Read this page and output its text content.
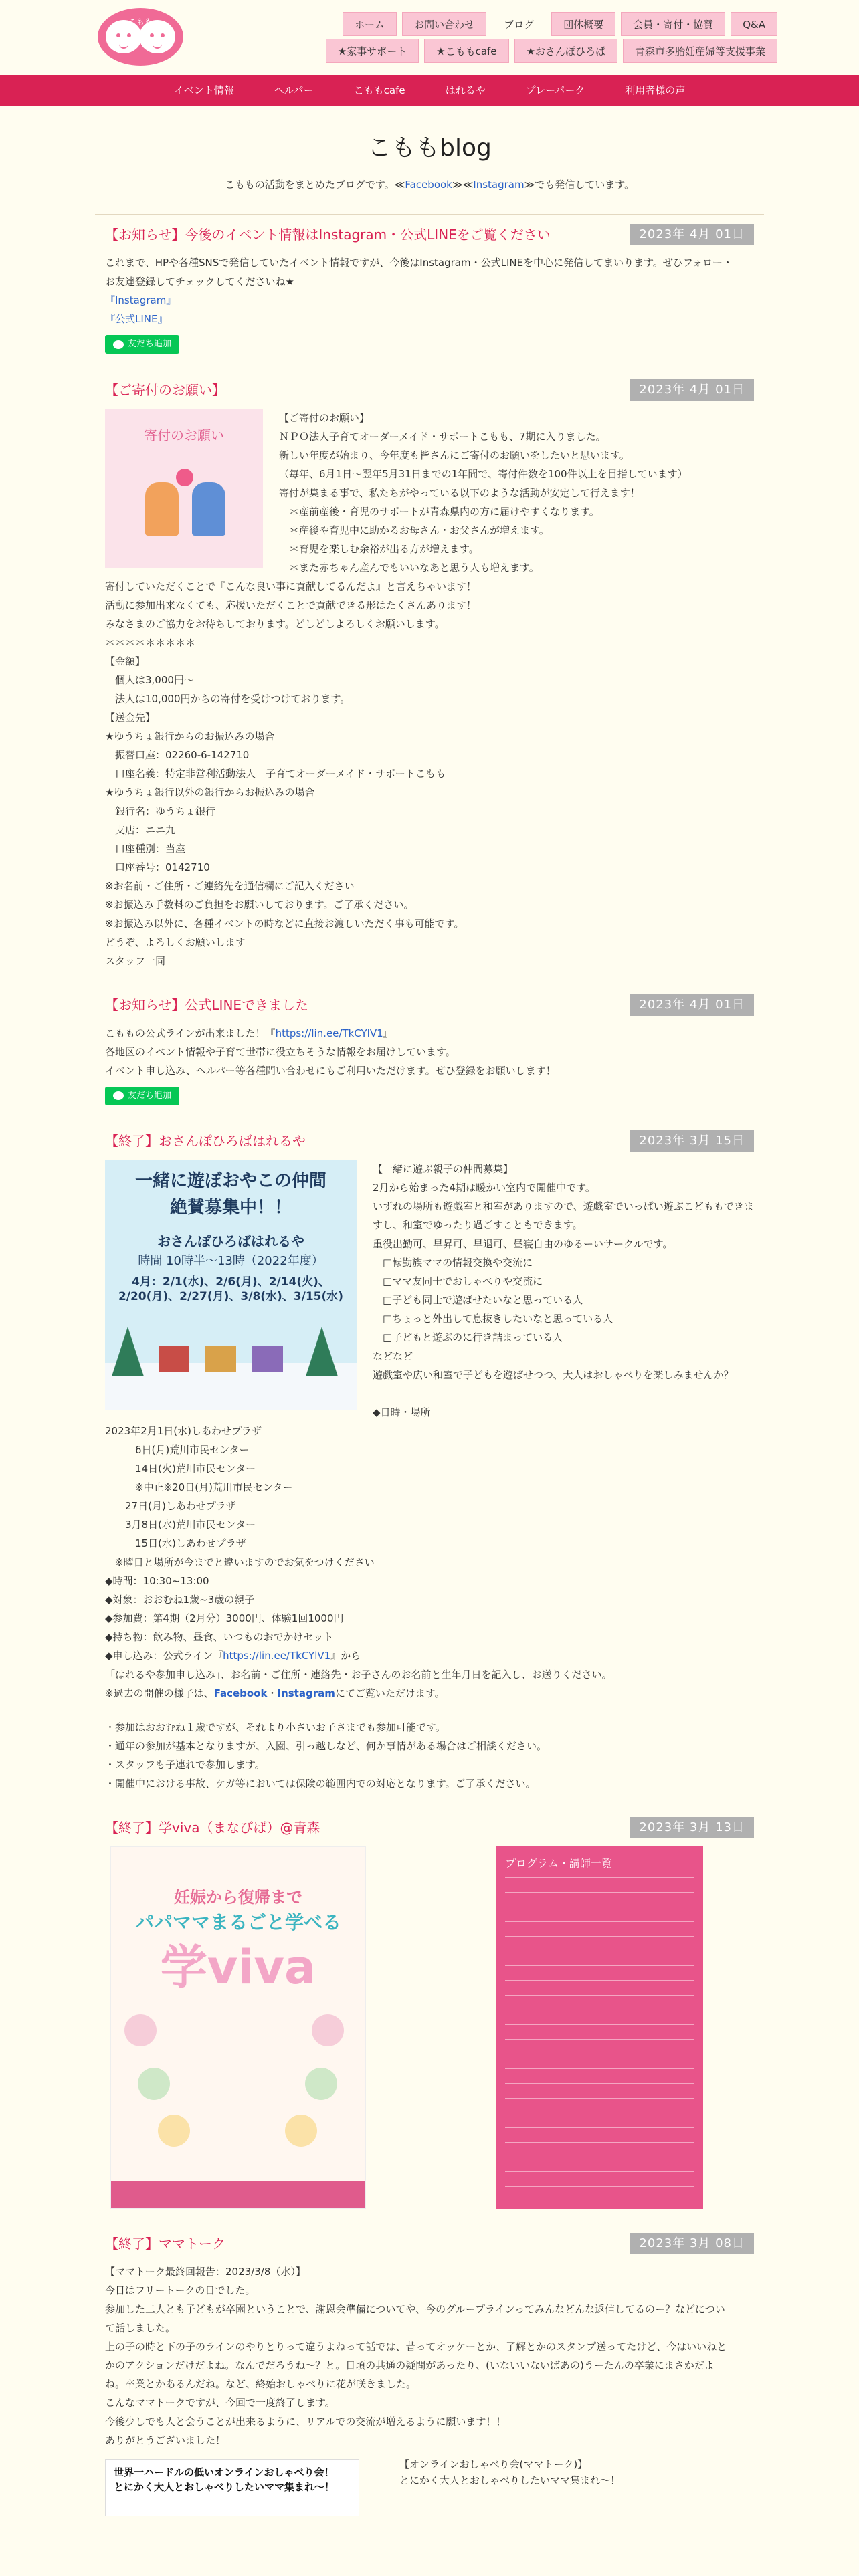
こもも	ホーム	お問い合わせ	ブログ	団体概要	会員・寄付・協賛	Q&A
★家事サポート	★こももcafe	★おさんぽひろば	青森市多胎妊産婦等支援事業
イベント情報	ヘルパー	こももcafe	はれるや	プレーパーク	利用者様の声
こももblog

こももの活動をまとめたブログです。≪Facebook≫≪Instagram≫でも発信しています。

【お知らせ】今後のイベント情報はInstagram・公式LINEをご覧ください	2023年 4月 01日
これまで、HPや各種SNSで発信していたイベント情報ですが、今後はInstagram・公式LINEを中心に発信してまいります。ぜひフォロー・
お友達登録してチェックしてくださいね★
『Instagram』
『公式LINE』
友だち追加
【ご寄付のお願い】	2023年 4月 01日
寄付のお願い
【ご寄付のお願い】
ＮＰＯ法人子育てオーダーメイド・サポートこもも、7期に入りました。
新しい年度が始まり、今年度も皆さんにご寄付のお願いをしたいと思います。
（毎年、6月1日～翌年5月31日までの1年間で、寄付件数を100件以上を目指しています）
寄付が集まる事で、私たちがやっている以下のような活動が安定して行えます！
　＊産前産後・育児のサポートが青森県内の方に届けやすくなります。
　＊産後や育児中に助かるお母さん・お父さんが増えます。
　＊育児を楽しむ余裕が出る方が増えます。
　＊また赤ちゃん産んでもいいなあと思う人も増えます。
寄付していただくことで『こんな良い事に貢献してるんだよ』と言えちゃいます！
活動に参加出来なくても、応援いただくことで貢献できる形はたくさんあります！
みなさまのご協力をお待ちしております。どしどしよろしくお願いします。
＊＊＊＊＊＊＊＊＊
【金額】
　個人は3,000円～
　法人は10,000円からの寄付を受けつけております。
【送金先】
★ゆうちょ銀行からのお振込みの場合
　振替口座：02260-6-142710
　口座名義：特定非営利活動法人　子育てオーダーメイド・サポートこもも
★ゆうちょ銀行以外の銀行からお振込みの場合
　銀行名：ゆうちょ銀行
　支店：ニニ九
　口座種別：当座
　口座番号：0142710
※お名前・ご住所・ご連絡先を通信欄にご記入ください
※お振込み手数料のご負担をお願いしております。ご了承ください。
※お振込み以外に、各種イベントの時などに直接お渡しいただく事も可能です。
どうぞ、よろしくお願いします
スタッフ一同
【お知らせ】公式LINEできました	2023年 4月 01日
こももの公式ラインが出来ました！『https://lin.ee/TkCYlV1』
各地区のイベント情報や子育て世帯に役立ちそうな情報をお届けしています。
イベント申し込み、ヘルパー等各種問い合わせにもご利用いただけます。ぜひ登録をお願いします！
友だち追加
【終了】おさんぽひろばはれるや	2023年 3月 15日
一緒に遊ぼおやこの仲間
絶賛募集中！！
おさんぽひろばはれるや
時間 10時半～13時（2022年度）
4月：2/1(水)、2/6(月)、2/14(火)、2/20(月)、2/27(月)、3/8(水)、3/15(水)
【一緒に遊ぶ親子の仲間募集】
2月から始まった4期は暖かい室内で開催中です。
いずれの場所も遊戯室と和室がありますので、遊戯室でいっぱい遊ぶこどももできま
すし、和室でゆったり過ごすこともできます。
重役出勤可、早昇可、早退可、昼寝自由のゆるーいサークルです。
　□転勤族ママの情報交換や交流に
　□ママ友同士でおしゃべりや交流に
　□子ども同士で遊ばせたいなと思っている人
　□ちょっと外出して息抜きしたいなと思っている人
　□子どもと遊ぶのに行き詰まっている人
などなど
遊戯室や広い和室で子どもを遊ばせつつ、大人はおしゃべりを楽しみませんか？

◆日時・場所
2023年2月1日(水)しあわせプラザ
　　　6日(月)荒川市民センター
　　　14日(火)荒川市民センター
　　　※中止※20日(月)荒川市民センター
　　27日(月)しあわせプラザ
　　3月8日(水)荒川市民センター
　　　15日(水)しあわせプラザ
　※曜日と場所が今までと違いますのでお気をつけください
◆時間：10:30~13:00
◆対象：おおむね1歳~3歳の親子
◆参加費：第4期（2月分）3000円、体験1回1000円
◆持ち物：飲み物、昼食、いつものおでかけセット
◆申し込み：公式ライン『https://lin.ee/TkCYlV1』から
「はれるや参加申し込み」、お名前・ご住所・連絡先・お子さんのお名前と生年月日を記入し、お送りください。
※過去の開催の様子は、Facebook・Instagramにてご覧いただけます。
・参加はおおむね１歳ですが、それより小さいお子さまでも参加可能です。
・通年の参加が基本となりますが、入園、引っ越しなど、何か事情がある場合はご相談ください。
・スタッフも子連れで参加します。
・開催中における事故、ケガ等においては保険の範囲内での対応となります。ご了承ください。
【終了】学viva（まなびば）@青森	2023年 3月 13日
妊娠から復帰まで
パパママまるごと学べる
学viva
プログラム・講師一覧
【終了】ママトーク	2023年 3月 08日
【ママトーク最終回報告：2023/3/8（水）】
今日はフリートークの日でした。
参加した二人とも子どもが卒園ということで、謝恩会準備についてや、今のグループラインってみんなどんな返信してるのー？などについ
て話しました。
上の子の時と下の子のラインのやりとりって違うよねって話では、昔ってオッケーとか、了解とかのスタンプ送ってたけど、今はいいねと
かのアクションだけだよね。なんでだろうね～？と。日頃の共通の疑問があったり、(いないいないばあの)うーたんの卒業にまさかだよ
ね。卒業とかあるんだね。など、終始おしゃべりに花が咲きました。
こんなママトークですが、今回で一度終了します。
今後少しでも人と会うことが出来るように、リアルでの交流が増えるように願います！！
ありがとうございました！
世界一ハードルの低いオンラインおしゃべり会！
とにかく大人とおしゃべりしたいママ集まれ～！
【オンラインおしゃべり会(ママトーク)】
とにかく大人とおしゃべりしたいママ集まれ～！
